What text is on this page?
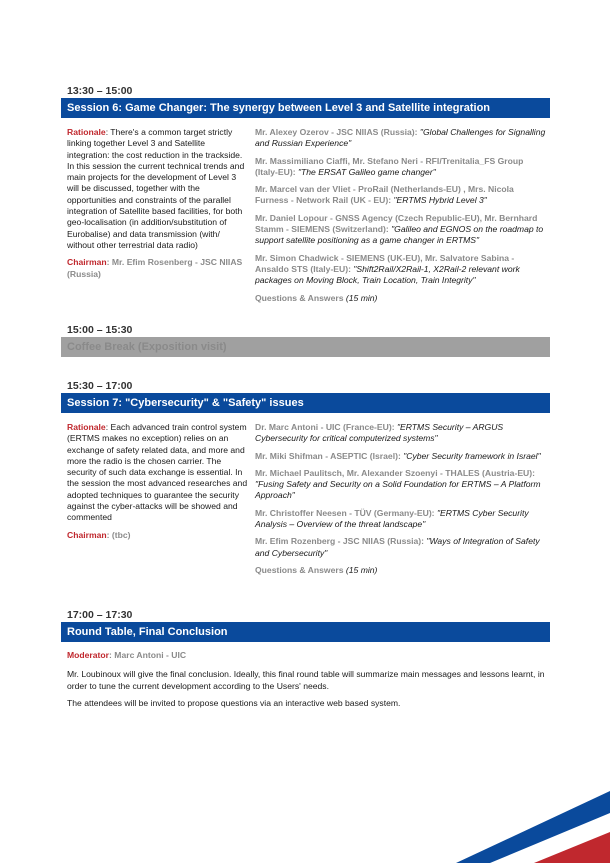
13:30 – 15:00
Session 6: Game Changer: The synergy between Level 3 and Satellite integration
Rationale: There's a common target strictly linking together Level 3 and Satellite integration: the cost reduction in the trackside. In this session the current technical trends and main projects for the development of Level 3 will be discussed, together with the opportunities and constraints of the parallel integration of Satellite based facilities, for both geo-localisation (in addition/substitution of Eurobalise) and data transmission (with/ without other terrestrial data radio)
Chairman: Mr. Efim Rosenberg - JSC NIIAS (Russia)
Mr. Alexey Ozerov - JSC NIIAS (Russia): "Global Challenges for Signalling and Russian Experience"
Mr. Massimiliano Ciaffi, Mr. Stefano Neri - RFI/Trenitalia_FS Group (Italy-EU): "The ERSAT Galileo game changer"
Mr. Marcel van der Vliet - ProRail (Netherlands-EU) , Mrs. Nicola Furness - Network Rail (UK - EU): "ERTMS Hybrid Level 3"
Mr. Daniel Lopour - GNSS Agency (Czech Republic-EU), Mr. Bernhard Stamm - SIEMENS (Switzerland): "Galileo and EGNOS on the roadmap to support satellite positioning as a game changer in ERTMS"
Mr. Simon Chadwick - SIEMENS (UK-EU), Mr. Salvatore Sabina - Ansaldo STS (Italy-EU): "Shift2Rail/X2Rail-1, X2Rail-2 relevant work packages on Moving Block, Train Location, Train Integrity"
Questions & Answers (15 min)
15:00 – 15:30
Coffee Break (Exposition visit)
15:30 – 17:00
Session 7: "Cybersecurity" & "Safety" issues
Rationale: Each advanced train control system (ERTMS makes no exception) relies on an exchange of safety related data, and more and more the radio is the chosen carrier. The security of such data exchange is essential. In the session the most advanced researches and adopted techniques to guarantee the security against the cyber-attacks will be showed and commented
Chairman: (tbc)
Dr. Marc Antoni - UIC (France-EU): "ERTMS Security – ARGUS Cybersecurity for critical computerized systems"
Mr. Miki Shifman - ASEPTIC (Israel): "Cyber Security framework in Israel"
Mr. Michael Paulitsch, Mr. Alexander Szoenyi - THALES (Austria-EU): "Fusing Safety and Security on a Solid Foundation for ERTMS – A Platform Approach"
Mr. Christoffer Neesen - TÜV (Germany-EU): "ERTMS Cyber Security Analysis – Overview of the threat landscape"
Mr. Efim Rozenberg - JSC NIIAS (Russia): "Ways of Integration of Safety and Cybersecurity"
Questions & Answers (15 min)
17:00 – 17:30
Round Table, Final Conclusion
Moderator: Marc Antoni - UIC
Mr. Loubinoux will give the final conclusion. Ideally, this final round table will summarize main messages and lessons learnt, in order to tune the current development according to the Users' needs.
The attendees will be invited to propose questions via an interactive web based system.
